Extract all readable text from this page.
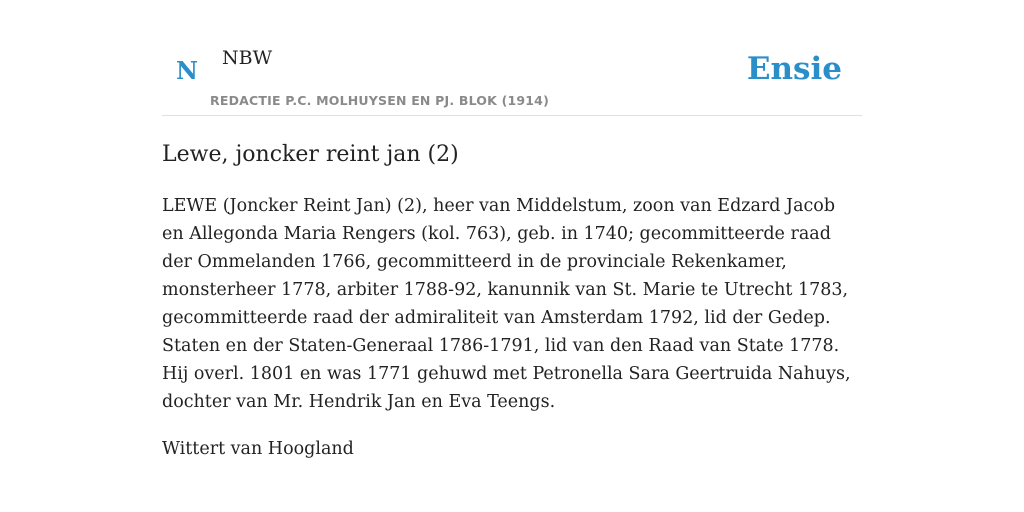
N NBW
REDACTIE P.C. MOLHUYSEN EN PJ. BLOK (1914)
Ensie
Lewe, joncker reint jan (2)

LEWE (Joncker Reint Jan) (2), heer van Middelstum, zoon van Edzard Jacob en Allegonda Maria Rengers (kol. 763), geb. in 1740; gecommitteerde raad der Ommelanden 1766, gecommitteerd in de provinciale Rekenkamer, monsterheer 1778, arbiter 1788-92, kanunnik van St. Marie te Utrecht 1783, gecommitteerde raad der admiraliteit van Amsterdam 1792, lid der Gedep. Staten en der Staten-Generaal 1786-1791, lid van den Raad van State 1778. Hij overl. 1801 en was 1771 gehuwd met Petronella Sara Geertruida Nahuys, dochter van Mr. Hendrik Jan en Eva Teengs.

Wittert van Hoogland
